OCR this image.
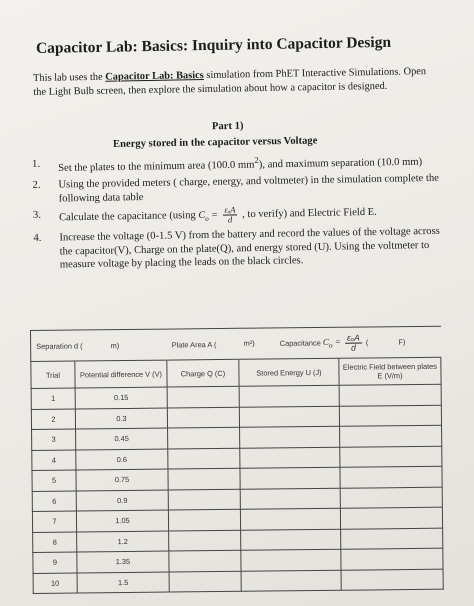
Capacitor Lab: Basics: Inquiry into Capacitor Design
This lab uses the Capacitor Lab: Basics simulation from PhET Interactive Simulations. Open the Light Bulb screen, then explore the simulation about how a capacitor is designed.
Part 1)
Energy stored in the capacitor versus Voltage
1. Set the plates to the minimum area (100.0 $mm^2$), and maximum separation (10.0 mm)
2. Using the provided meters ( charge, energy, and voltmeter) in the simulation complete the following data table
3. Calculate the capacitance (using $C_o = \frac{\text{εₒA}}{d}$ , to verify) and Electric Field E.
4. Increase the voltage (0-1.5 V) from the battery and record the values of the voltage across the capacitor(V), Charge on the plate(Q), and energy stored (U). Using the voltmeter to measure voltage by placing the leads on the black circles.
Separation d ( m)		Plate Area A (	m²) Capacitance $C_o = \frac{\text{εₒA}}{d}$ ( F)	
Trial	Potential difference V (V)	Charge Q (C)	Stored Energy U (J)	Electric Field between plates E (V/m)
1	0.15			
2	0.3			
3	0.45			
4	0.6			
5	0.75			
6	0.9			
7	1.05			
8	1.2			
9	1.35			
10	1.5			
